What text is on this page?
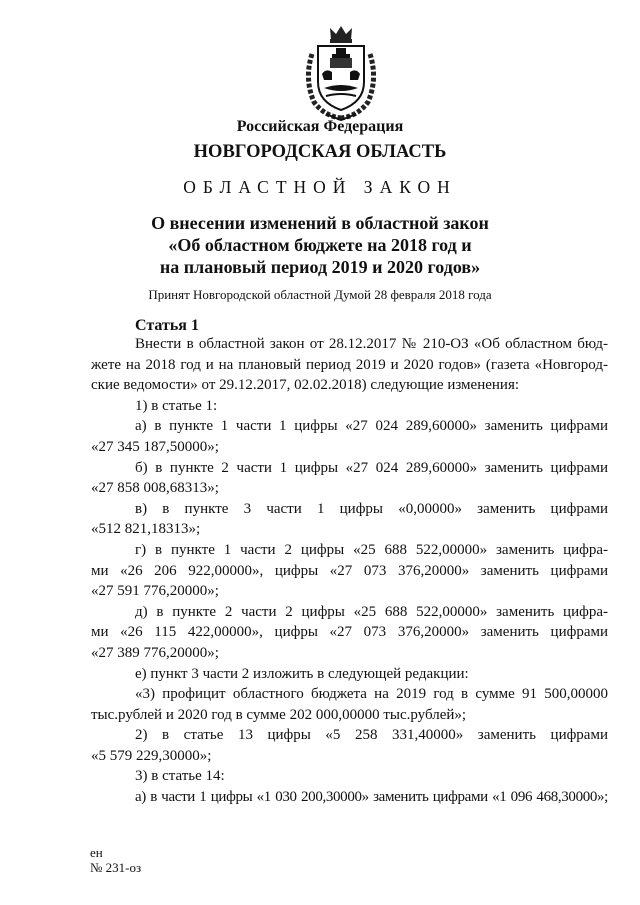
Российская Федерация
НОВГОРОДСКАЯ ОБЛАСТЬ
ОБЛАСТНОЙ ЗАКОН
О внесении изменений в областной закон
«Об областном бюджете на 2018 год и
на плановый период 2019 и 2020 годов»
Принят Новгородской областной Думой 28 февраля 2018 года
Статья 1

Внести в областной закон от 28.12.2017 № 210-ОЗ «Об областном бюд-

жете на 2018 год и на плановый период 2019 и 2020 годов» (газета «Новгород-

ские ведомости» от 29.12.2017, 02.02.2018) следующие изменения:

1) в статье 1:

а) в пункте 1 части 1 цифры «27 024 289,60000» заменить цифрами

«27 345 187,50000»;

б) в пункте 2 части 1 цифры «27 024 289,60000» заменить цифрами

«27 858 008,68313»;

в) в пункте 3 части 1 цифры «0,00000» заменить цифрами

«512 821,18313»;

г) в пункте 1 части 2 цифры «25 688 522,00000» заменить цифра-

ми «26 206 922,00000», цифры «27 073 376,20000» заменить цифрами

«27 591 776,20000»;

д) в пункте 2 части 2 цифры «25 688 522,00000» заменить цифра-

ми «26 115 422,00000», цифры «27 073 376,20000» заменить цифрами

«27 389 776,20000»;

е) пункт 3 части 2 изложить в следующей редакции:

«3) профицит областного бюджета на 2019 год в сумме 91 500,00000

тыс.рублей и 2020 год в сумме 202 000,00000 тыс.рублей»;

2) в статье 13 цифры «5 258 331,40000» заменить цифрами

«5 579 229,30000»;

3) в статье 14:

а) в части 1 цифры «1 030 200,30000» заменить цифрами «1 096 468,30000»;

ен
№ 231-оз
